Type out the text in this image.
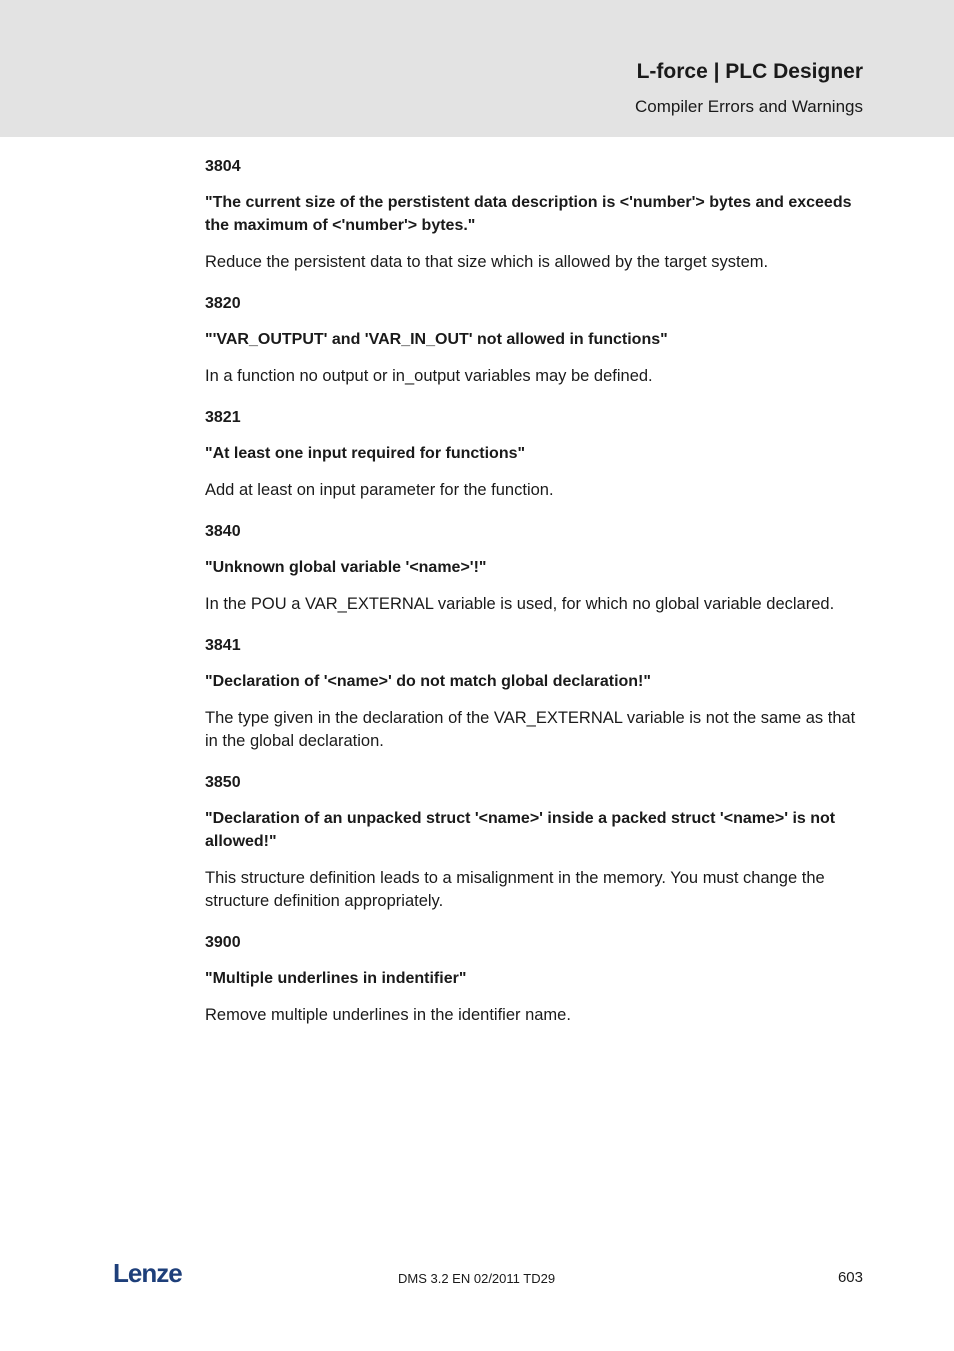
L-force | PLC Designer
Compiler Errors and Warnings
3804
"The current size of the perstistent data description is <'number'> bytes and exceeds the maximum of <'number'> bytes."
Reduce the persistent data to that size which is allowed by the target system.
3820
"'VAR_OUTPUT' and 'VAR_IN_OUT' not allowed in functions"
In a function no output or in_output variables may be defined.
3821
"At least one input required for functions"
Add at least on input parameter for the function.
3840
"Unknown global variable '<name>'!"
In the POU a VAR_EXTERNAL variable is used, for which no global variable declared.
3841
"Declaration of '<name>' do not match global declaration!"
The type given in the declaration of the VAR_EXTERNAL variable is not the same as that in the global declaration.
3850
"Declaration of an unpacked struct '<name>' inside a packed struct '<name>' is not allowed!"
This structure definition leads to a misalignment in the memory. You must change the structure definition appropriately.
3900
"Multiple underlines in indentifier"
Remove multiple underlines in the identifier name.
Lenze	DMS 3.2 EN 02/2011 TD29	603
